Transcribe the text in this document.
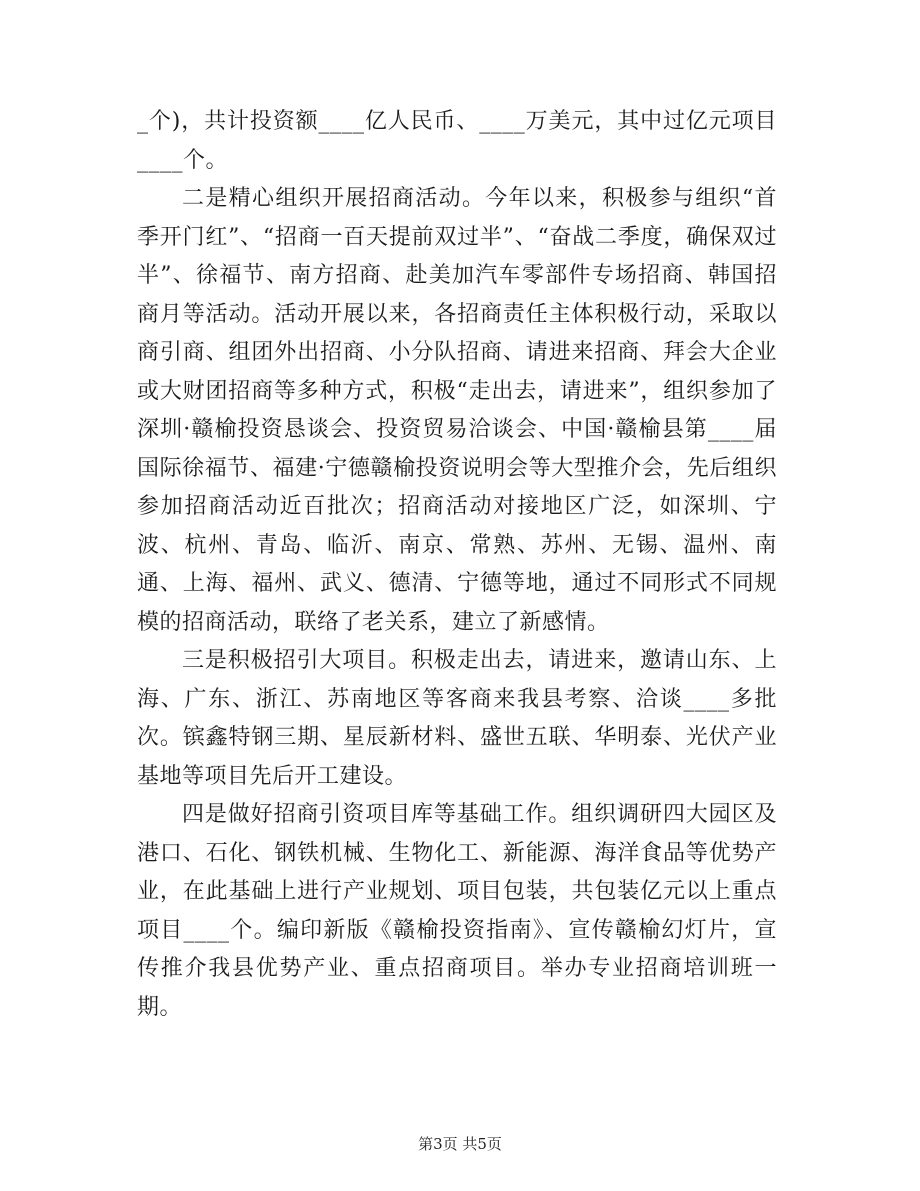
_个)，共计投资额____亿人民币、____万美元，其中过亿元项目____个。

二是精心组织开展招商活动。今年以来，积极参与组织“首季开门红”、“招商一百天提前双过半”、“奋战二季度，确保双过半”、徐福节、南方招商、赴美加汽车零部件专场招商、韩国招商月等活动。活动开展以来，各招商责任主体积极行动，采取以商引商、组团外出招商、小分队招商、请进来招商、拜会大企业或大财团招商等多种方式，积极“走出去，请进来”，组织参加了深圳·赣榆投资恳谈会、投资贸易洽谈会、中国·赣榆县第____届国际徐福节、福建·宁德赣榆投资说明会等大型推介会，先后组织参加招商活动近百批次；招商活动对接地区广泛，如深圳、宁波、杭州、青岛、临沂、南京、常熟、苏州、无锡、温州、南通、上海、福州、武义、德清、宁德等地，通过不同形式不同规模的招商活动，联络了老关系，建立了新感情。

三是积极招引大项目。积极走出去，请进来，邀请山东、上海、广东、浙江、苏南地区等客商来我县考察、洽谈____多批次。镔鑫特钢三期、星辰新材料、盛世五联、华明泰、光伏产业基地等项目先后开工建设。

四是做好招商引资项目库等基础工作。组织调研四大园区及港口、石化、钢铁机械、生物化工、新能源、海洋食品等优势产业，在此基础上进行产业规划、项目包装，共包装亿元以上重点项目____个。编印新版《赣榆投资指南》、宣传赣榆幻灯片，宣传推介我县优势产业、重点招商项目。举办专业招商培训班一期。

第3页 共5页
